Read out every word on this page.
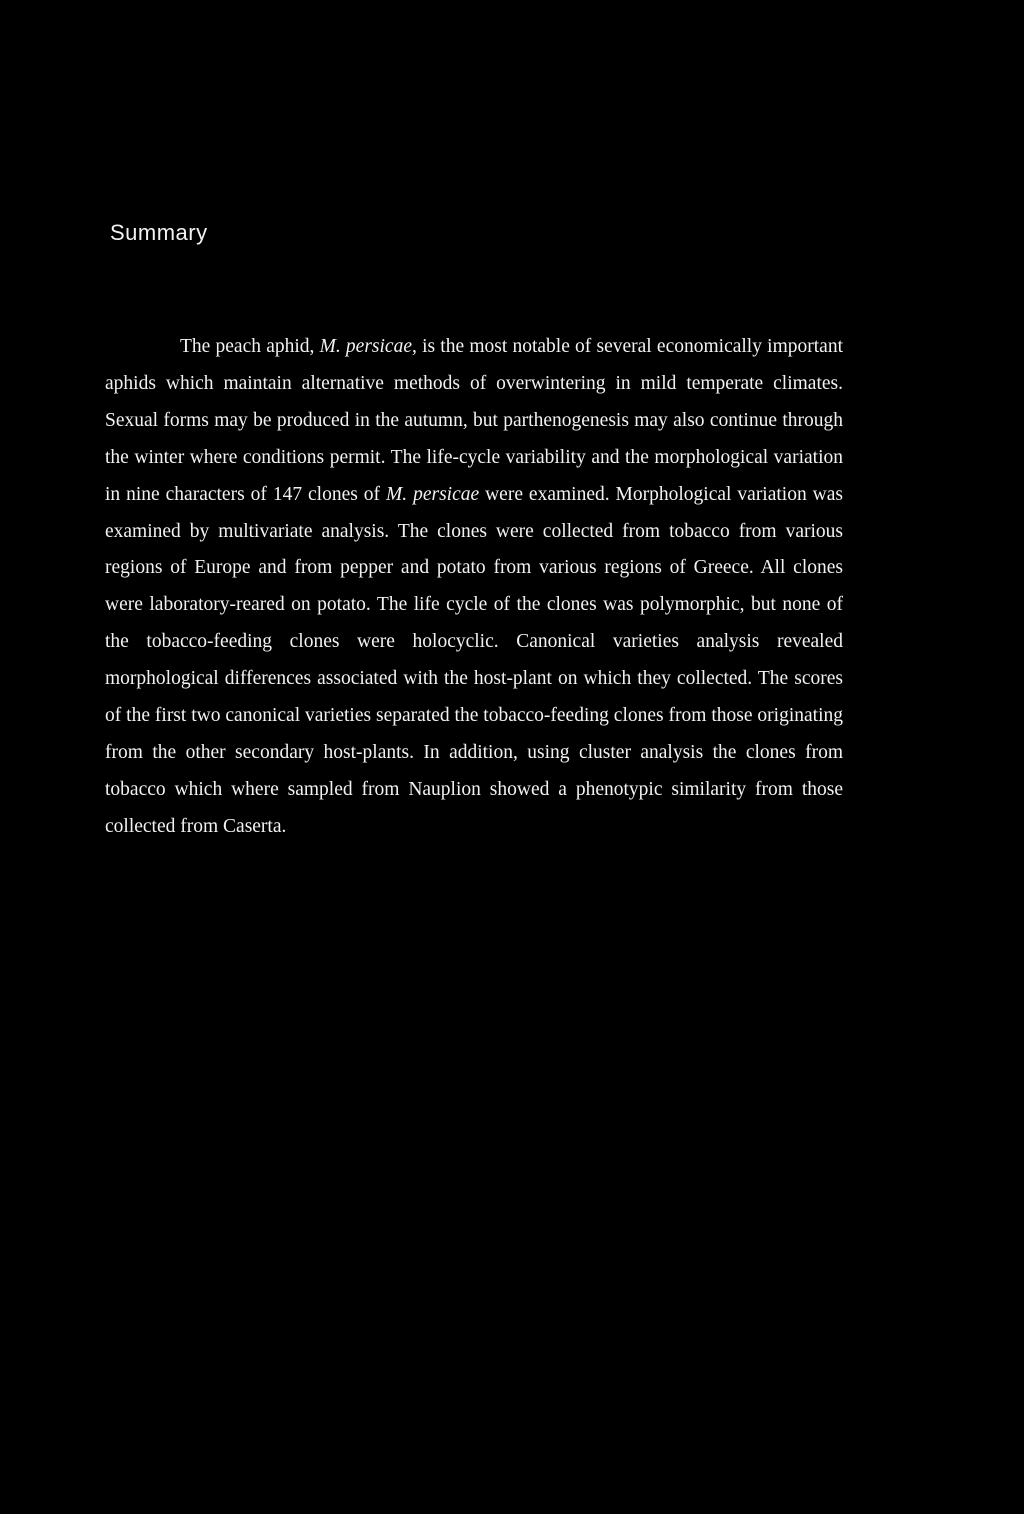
Summary

The peach aphid, M. persicae, is the most notable of several economically important aphids which maintain alternative methods of overwintering in mild temperate climates. Sexual forms may be produced in the autumn, but parthenogenesis may also continue through the winter where conditions permit. The life-cycle variability and the morphological variation in nine characters of 147 clones of M. persicae were examined. Morphological variation was examined by multivariate analysis. The clones were collected from tobacco from various regions of Europe and from pepper and potato from various regions of Greece. All clones were laboratory-reared on potato. The life cycle of the clones was polymorphic, but none of the tobacco-feeding clones were holocyclic. Canonical varieties analysis revealed morphological differences associated with the host-plant on which they collected. The scores of the first two canonical varieties separated the tobacco-feeding clones from those originating from the other secondary host-plants. In addition, using cluster analysis the clones from tobacco which where sampled from Nauplion showed a phenotypic similarity from those collected from Caserta.
